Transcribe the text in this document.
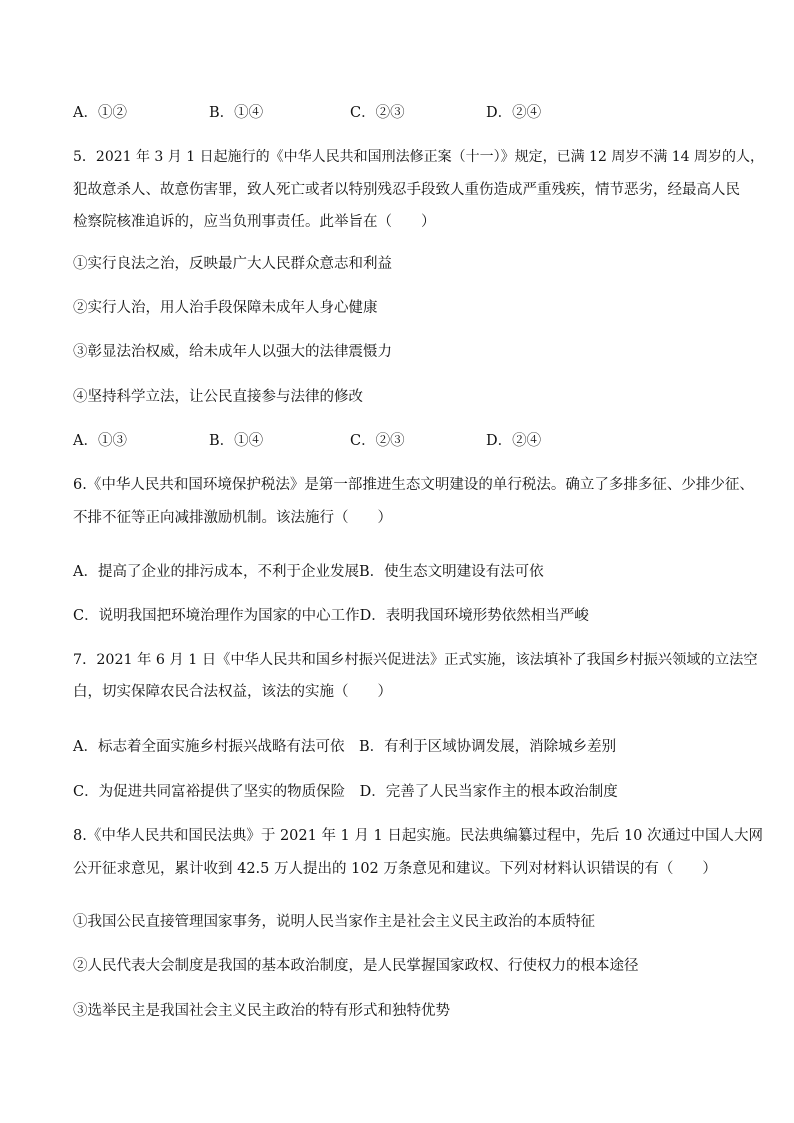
A．①②	B．①④	C．②③	D．②④
5．2021 年 3 月 1 日起施行的《中华人民共和国刑法修正案（十一）》规定，已满 12 周岁不满 14 周岁的人，
犯故意杀人、故意伤害罪，致人死亡或者以特别残忍手段致人重伤造成严重残疾，情节恶劣，经最高人民
检察院核准追诉的，应当负刑事责任。此举旨在（　　）
①实行良法之治，反映最广大人民群众意志和利益
②实行人治，用人治手段保障未成年人身心健康
③彰显法治权威，给未成年人以强大的法律震慑力
④坚持科学立法，让公民直接参与法律的修改
A．①③	B．①④	C．②③	D．②④
6.《中华人民共和国环境保护税法》是第一部推进生态文明建设的单行税法。确立了多排多征、少排少征、
不排不征等正向减排激励机制。该法施行（　　）
A．提高了企业的排污成本，不利于企业发展B．使生态文明建设有法可依
C．说明我国把环境治理作为国家的中心工作D．表明我国环境形势依然相当严峻
7．2021 年 6 月 1 日《中华人民共和国乡村振兴促进法》正式实施，该法填补了我国乡村振兴领域的立法空
白，切实保障农民合法权益，该法的实施（　　）
A．标志着全面实施乡村振兴战略有法可依　B．有利于区域协调发展，消除城乡差别
C．为促进共同富裕提供了坚实的物质保险　D．完善了人民当家作主的根本政治制度
8.《中华人民共和国民法典》于 2021 年 1 月 1 日起实施。民法典编纂过程中，先后 10 次通过中国人大网
公开征求意见，累计收到 42.5 万人提出的 102 万条意见和建议。下列对材料认识错误的有（　　）
①我国公民直接管理国家事务，说明人民当家作主是社会主义民主政治的本质特征
②人民代表大会制度是我国的基本政治制度，是人民掌握国家政权、行使权力的根本途径
③选举民主是我国社会主义民主政治的特有形式和独特优势
